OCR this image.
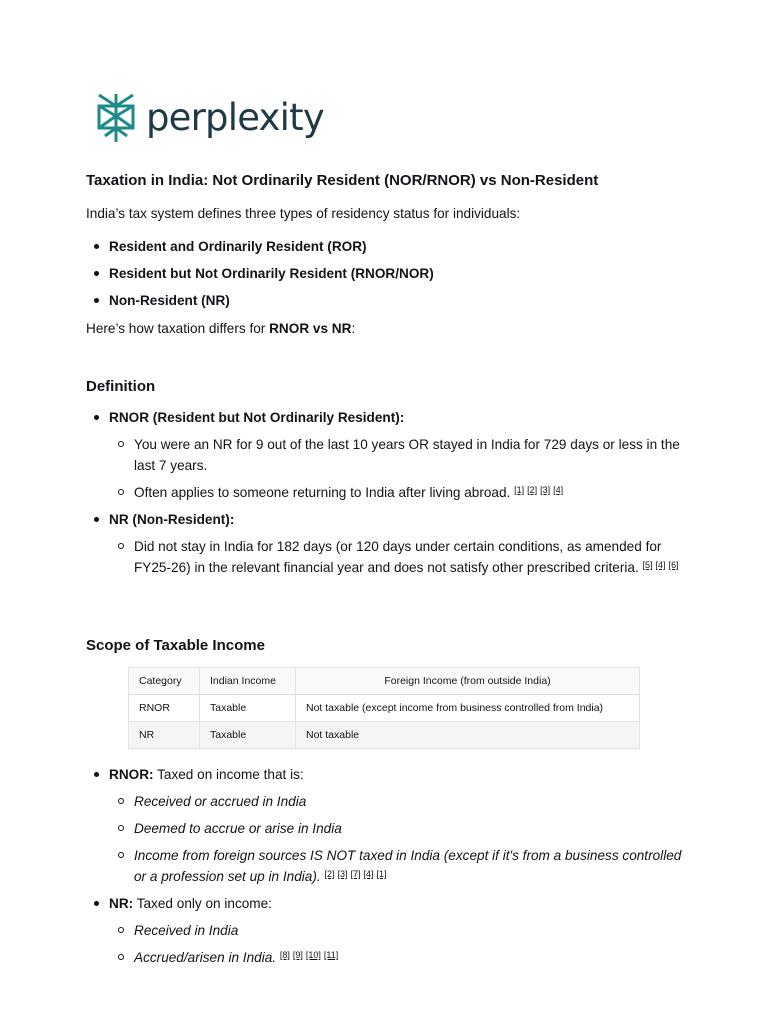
perplexity
Taxation in India: Not Ordinarily Resident (NOR/RNOR) vs Non-Resident

India’s tax system defines three types of residency status for individuals:

Resident and Ordinarily Resident (ROR)
Resident but Not Ordinarily Resident (RNOR/NOR)
Non-Resident (NR)

Here’s how taxation differs for RNOR vs NR:

Definition
RNOR (Resident but Not Ordinarily Resident):
You were an NR for 9 out of the last 10 years OR stayed in India for 729 days or less in the last 7 years.
Often applies to someone returning to India after living abroad. [1] [2] [3] [4]
NR (Non-Resident):
Did not stay in India for 182 days (or 120 days under certain conditions, as amended for FY25-26) in the relevant financial year and does not satisfy other prescribed criteria. [5] [4] [6]
Scope of Taxable Income
Category	Indian Income	Foreign Income (from outside India)
RNOR	Taxable	Not taxable (except income from business controlled from India)
NR	Taxable	Not taxable
RNOR: Taxed on income that is:
Received or accrued in India
Deemed to accrue or arise in India
Income from foreign sources IS NOT taxed in India (except if it's from a business controlled or a profession set up in India). [2] [3] [7] [4] [1]
NR: Taxed only on income:
Received in India
Accrued/arisen in India. [8] [9] [10] [11]
